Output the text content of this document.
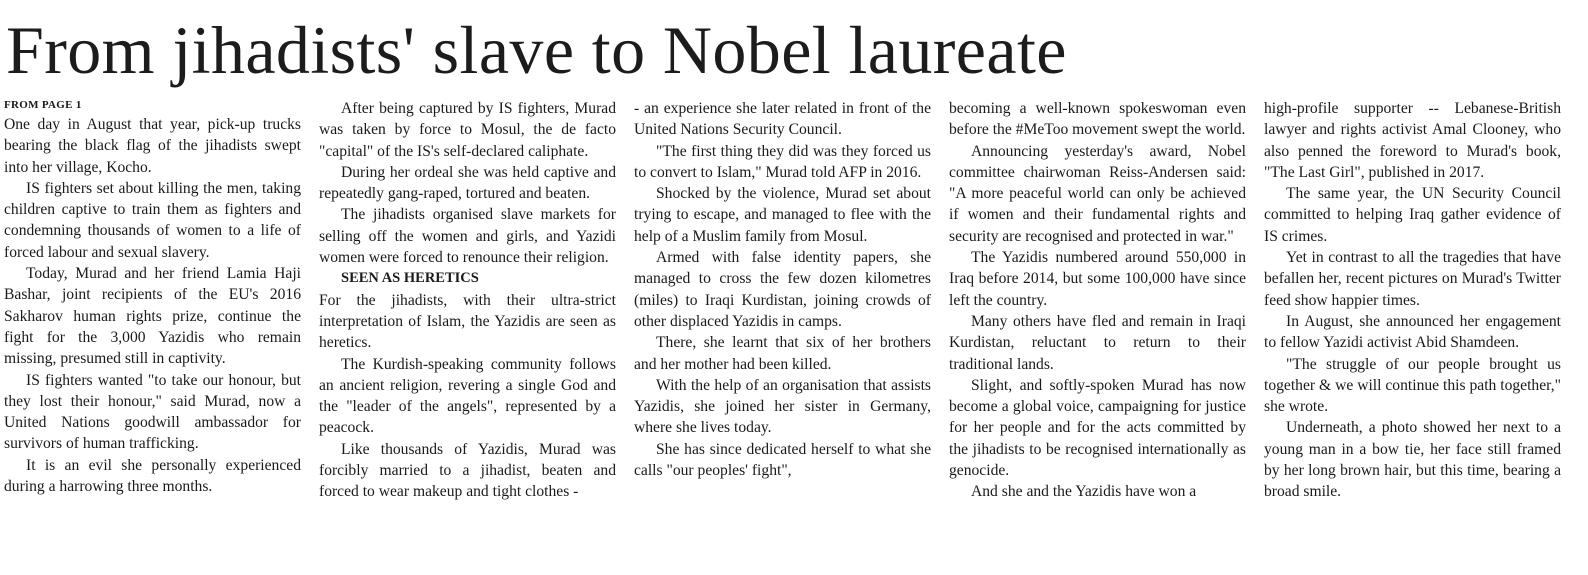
From jihadists' slave to Nobel laureate
FROM PAGE 1

One day in August that year, pick-up trucks bearing the black flag of the jihadists swept into her village, Kocho.

IS fighters set about killing the men, taking children captive to train them as fighters and condemning thousands of women to a life of forced labour and sexual slavery.

Today, Murad and her friend Lamia Haji Bashar, joint recipients of the EU's 2016 Sakharov human rights prize, continue the fight for the 3,000 Yazidis who remain missing, presumed still in captivity.

IS fighters wanted "to take our honour, but they lost their honour," said Murad, now a United Nations goodwill ambassador for survivors of human trafficking.

It is an evil she personally experienced during a harrowing three months.

After being captured by IS fighters, Murad was taken by force to Mosul, the de facto "capital" of the IS's self-declared caliphate.

During her ordeal she was held captive and repeatedly gang-raped, tortured and beaten.

The jihadists organised slave markets for selling off the women and girls, and Yazidi women were forced to renounce their religion.

SEEN AS HERETICS

For the jihadists, with their ultra-strict interpretation of Islam, the Yazidis are seen as heretics.

The Kurdish-speaking community follows an ancient religion, revering a single God and the "leader of the angels", represented by a peacock.

Like thousands of Yazidis, Murad was forcibly married to a jihadist, beaten and forced to wear makeup and tight clothes -

- an experience she later related in front of the United Nations Security Council.

"The first thing they did was they forced us to convert to Islam," Murad told AFP in 2016.

Shocked by the violence, Murad set about trying to escape, and managed to flee with the help of a Muslim family from Mosul.

Armed with false identity papers, she managed to cross the few dozen kilometres (miles) to Iraqi Kurdistan, joining crowds of other displaced Yazidis in camps.

There, she learnt that six of her brothers and her mother had been killed.

With the help of an organisation that assists Yazidis, she joined her sister in Germany, where she lives today.

She has since dedicated herself to what she calls "our peoples' fight",

becoming a well-known spokeswoman even before the #MeToo movement swept the world.

Announcing yesterday's award, Nobel committee chairwoman Reiss-Andersen said: "A more peaceful world can only be achieved if women and their fundamental rights and security are recognised and protected in war."

The Yazidis numbered around 550,000 in Iraq before 2014, but some 100,000 have since left the country.

Many others have fled and remain in Iraqi Kurdistan, reluctant to return to their traditional lands.

Slight, and softly-spoken Murad has now become a global voice, campaigning for justice for her people and for the acts committed by the jihadists to be recognised internationally as genocide.

And she and the Yazidis have won a

high-profile supporter -- Lebanese-British lawyer and rights activist Amal Clooney, who also penned the foreword to Murad's book, "The Last Girl", published in 2017.

The same year, the UN Security Council committed to helping Iraq gather evidence of IS crimes.

Yet in contrast to all the tragedies that have befallen her, recent pictures on Murad's Twitter feed show happier times.

In August, she announced her engagement to fellow Yazidi activist Abid Shamdeen.

"The struggle of our people brought us together & we will continue this path together," she wrote.

Underneath, a photo showed her next to a young man in a bow tie, her face still framed by her long brown hair, but this time, bearing a broad smile.
